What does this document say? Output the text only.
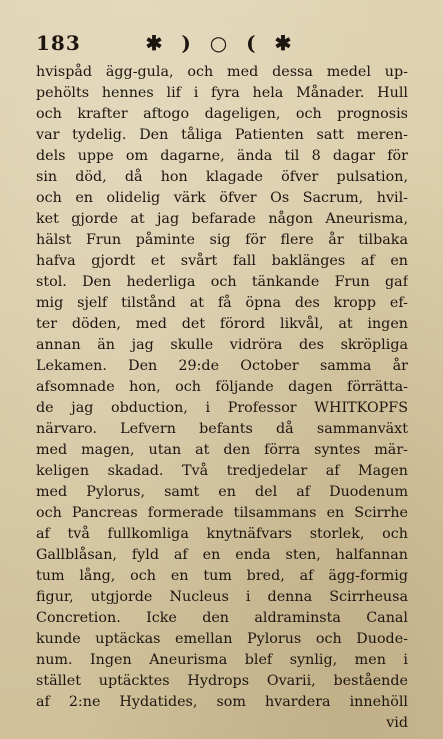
183	✱ ) ○ ( ✱
hvispåd ägg-gula, och med dessa medel up-
pehölts hennes lif i fyra hela Månader. Hull
och krafter aftogo dageligen, och prognosis
var tydelig. Den tåliga Patienten satt meren-
dels uppe om dagarne, ända til 8 dagar för
sin död, då hon klagade öfver pulsation,
och en olidelig värk öfver Os Sacrum, hvil-
ket gjorde at jag befarade någon Aneurisma,
hälst Frun påminte sig för flere år tilbaka
hafva gjordt et svårt fall baklänges af en
stol. Den hederliga och tänkande Frun gaf
mig sjelf tilstånd at få öpna des kropp ef-
ter döden, med det förord likvål, at ingen
annan än jag skulle vidröra des skröpliga
Lekamen. Den 29:de October samma år
afsomnade hon, och följande dagen förrätta-
de jag obduction, i Professor WHITKOPFS
närvaro. Lefvern befants då sammanväxt
med magen, utan at den förra syntes mär-
keligen skadad. Två tredjedelar af Magen
med Pylorus, samt en del af Duodenum
och Pancreas formerade tilsammans en Scirrhe
af två fullkomliga knytnäfvars storlek, och
Gallblåsan, fyld af en enda sten, halfannan
tum lång, och en tum bred, af ägg-formig
figur, utgjorde Nucleus i denna Scirrheusa
Concretion. Icke den aldraminsta Canal
kunde uptäckas emellan Pylorus och Duode-
num. Ingen Aneurisma blef synlig, men i
stället uptäcktes Hydrops Ovarii, bestående
af 2:ne Hydatides, som hvardera innehöll
vid
